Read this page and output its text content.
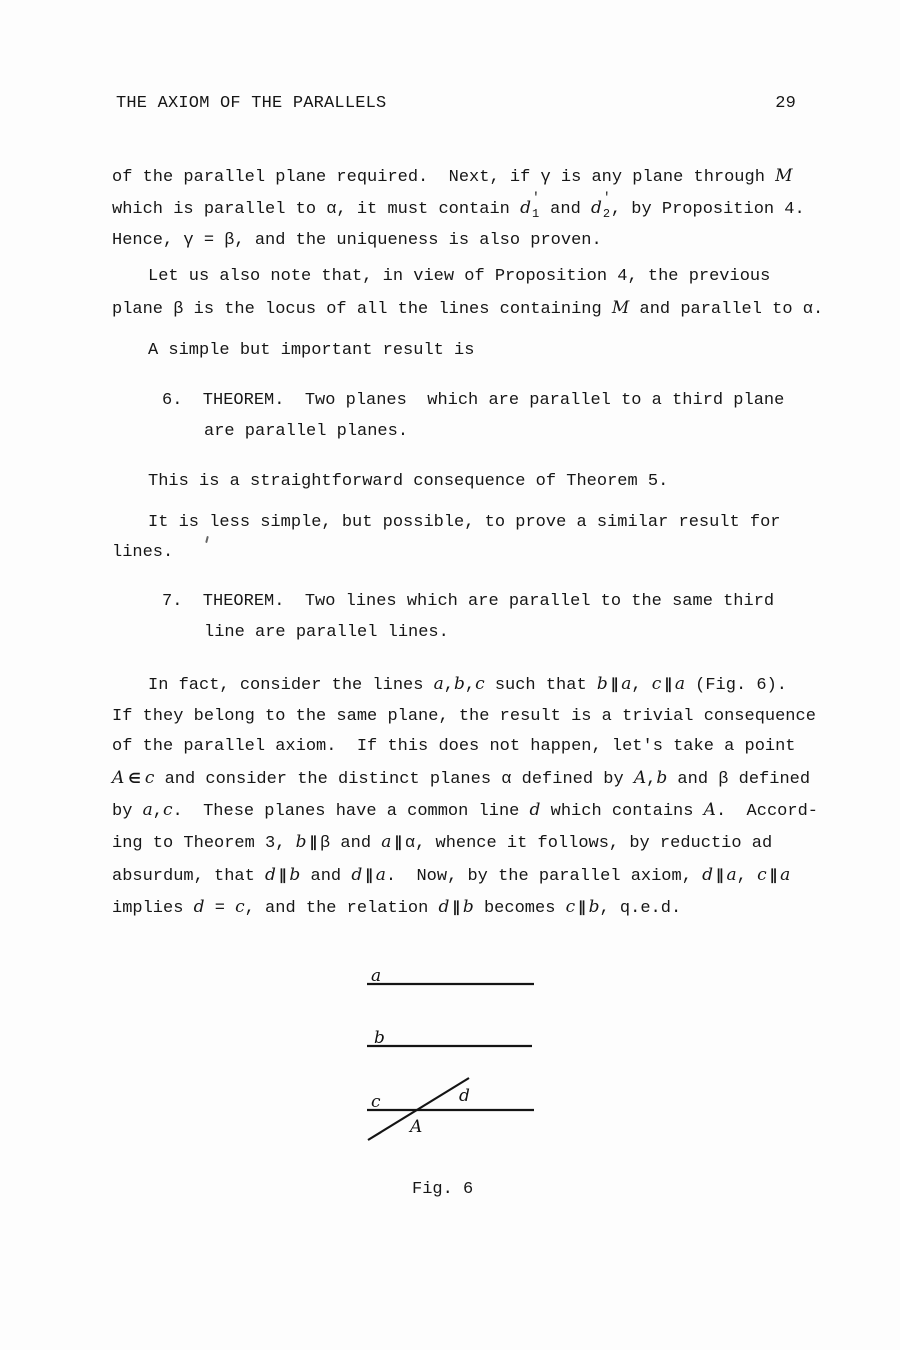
THE AXIOM OF THE PARALLELS	29
of the parallel plane required.  Next, if γ is any plane through M
which is parallel to α, it must contain d
′
1 and d
′
2 , by Proposition 4.
Hence, γ = β, and the uniqueness is also proven.
Let us also note that, in view of Proposition 4, the previous
plane β is the locus of all the lines containing M and parallel to α.
A simple but important result is
6.  THEOREM.  Two planes  which are parallel to a third plane
are parallel planes.
This is a straightforward consequence of Theorem 5.
It is less simple, but possible, to prove a similar result for
lines.
7.  THEOREM.  Two lines which are parallel to the same third
line are parallel lines.
In fact, consider the lines a,b,c such that b ∥ a, c ∥ a (Fig. 6).
If they belong to the same plane, the result is a trivial consequence
of the parallel axiom.  If this does not happen, let's take a point
A ∈ c and consider the distinct planes α defined by A,b and β defined
by a,c.  These planes have a common line d which contains A.  Accord-
ing to Theorem 3, b ∥ β and a ∥ α, whence it follows, by reductio ad
absurdum, that d ∥ b and d ∥ a.  Now, by the parallel axiom, d ∥ a, c ∥ a
implies d = c, and the relation d ∥ b becomes c ∥ b, q.e.d.
a
b
c	d
A
Fig. 6
